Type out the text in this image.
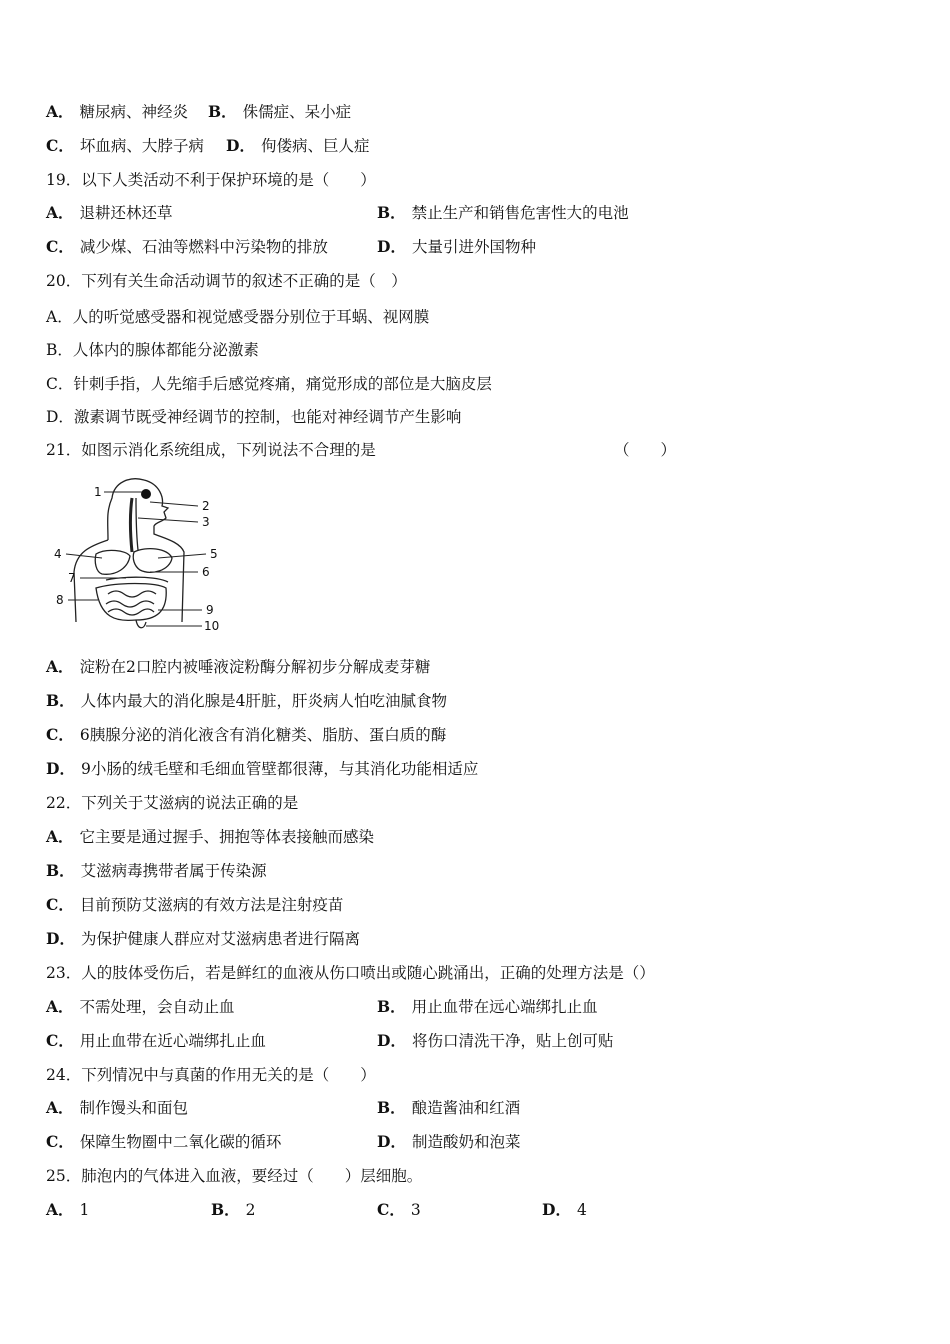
A． 糖尿病、神经炎 B． 侏儒症、呆小症
C． 坏血病、大脖子病 D． 佝偻病、巨人症
19．以下人类活动不利于保护环境的是（　　）
A． 退耕还林还草	B． 禁止生产和销售危害性大的电池
C． 减少煤、石油等燃料中污染物的排放	D． 大量引进外国物种
20．下列有关生命活动调节的叙述不正确的是（　）
A．人的听觉感受器和视觉感受器分别位于耳蜗、视网膜
B．人体内的腺体都能分泌激素
C．针刺手指，人先缩手后感觉疼痛，痛觉形成的部位是大脑皮层
D．激素调节既受神经调节的控制，也能对神经调节产生影响
21．如图示消化系统组成，下列说法不合理的是	（　　）
1
2
3
4	5
6
7
8
9
10
A． 淀粉在2口腔内被唾液淀粉酶分解初步分解成麦芽糖
B． 人体内最大的消化腺是4肝脏，肝炎病人怕吃油腻食物
C． 6胰腺分泌的消化液含有消化糖类、脂肪、蛋白质的酶
D． 9小肠的绒毛壁和毛细血管壁都很薄，与其消化功能相适应
22．下列关于艾滋病的说法正确的是
A． 它主要是通过握手、拥抱等体表接触而感染
B． 艾滋病毒携带者属于传染源
C． 目前预防艾滋病的有效方法是注射疫苗
D． 为保护健康人群应对艾滋病患者进行隔离
23．人的肢体受伤后，若是鲜红的血液从伤口喷出或随心跳涌出，正确的处理方法是（）
A． 不需处理，会自动止血	B． 用止血带在远心端绑扎止血
C． 用止血带在近心端绑扎止血	D． 将伤口清洗干净，贴上创可贴
24．下列情况中与真菌的作用无关的是（　　）
A． 制作馒头和面包	B． 酿造酱油和红酒
C． 保障生物圈中二氧化碳的循环	D． 制造酸奶和泡菜
25．肺泡内的气体进入血液，要经过（　　）层细胞。
A． 1	B． 2	C． 3	D． 4
